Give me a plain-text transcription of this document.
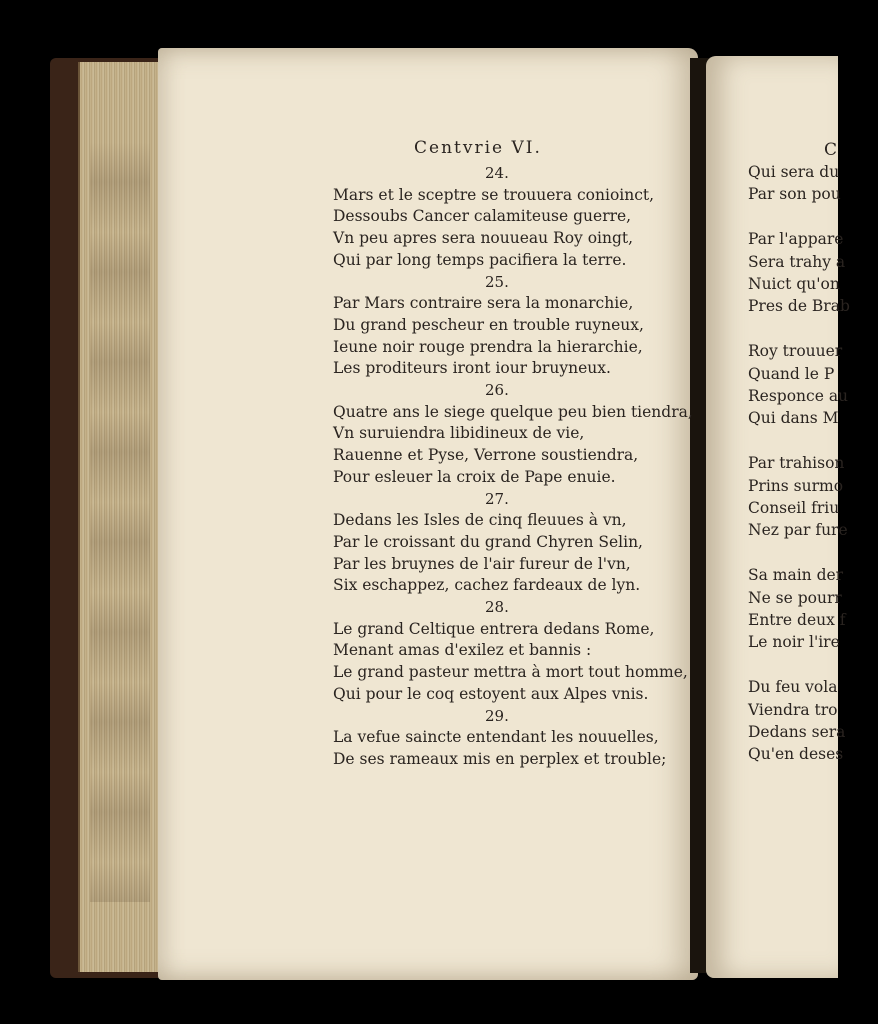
C
Qui sera du
Par son pou
Par l'appare
Sera trahy a
Nuict qu'on
Pres de Brab
Roy trouuer
Quand le P
Responce au
Qui dans M
Par trahison
Prins surmo
Conseil friu
Nez par fure
Sa main der
Ne se pourr
Entre deux f
Le noir l'ire
Du feu vola
Viendra tro
Dedans sera
Qu'en deses
Centvrie VI.
24.
Mars et le sceptre se trouuera conioinct,
Dessoubs Cancer calamiteuse guerre,
Vn peu apres sera nouueau Roy oingt,
Qui par long temps pacifiera la terre.
25.
Par Mars contraire sera la monarchie,
Du grand pescheur en trouble ruyneux,
Ieune noir rouge prendra la hierarchie,
Les proditeurs iront iour bruyneux.
26.
Quatre ans le siege quelque peu bien tiendra,
Vn suruiendra libidineux de vie,
Rauenne et Pyse, Verrone soustiendra,
Pour esleuer la croix de Pape enuie.
27.
Dedans les Isles de cinq fleuues à vn,
Par le croissant du grand Chyren Selin,
Par les bruynes de l'air fureur de l'vn,
Six eschappez, cachez fardeaux de lyn.
28.
Le grand Celtique entrera dedans Rome,
Menant amas d'exilez et bannis :
Le grand pasteur mettra à mort tout homme,
Qui pour le coq estoyent aux Alpes vnis.
29.
La vefue saincte entendant les nouuelles,
De ses rameaux mis en perplex et trouble;
